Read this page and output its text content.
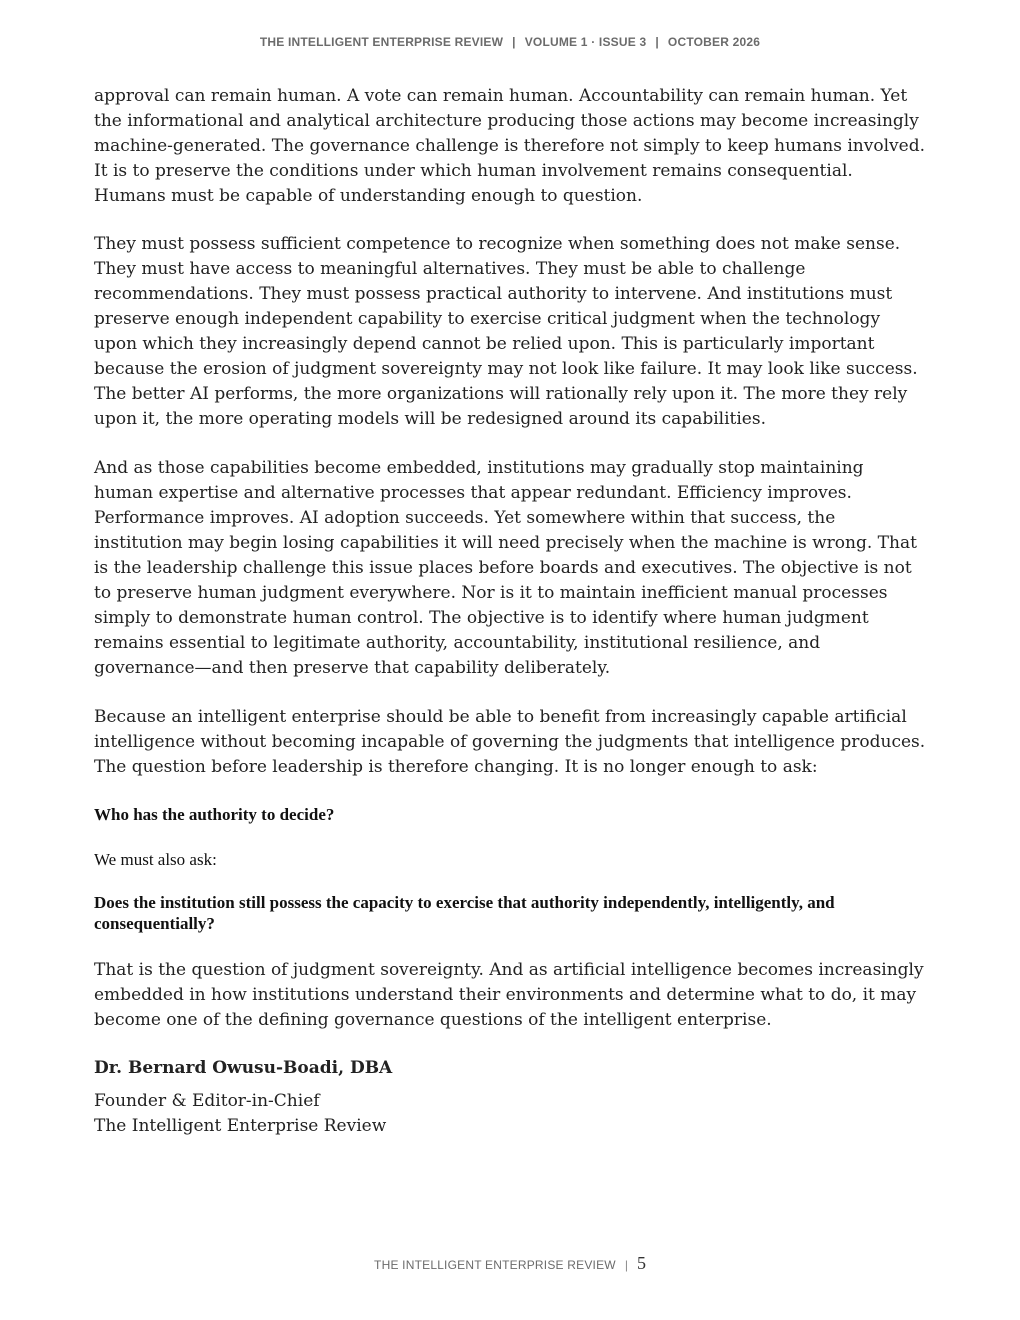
THE INTELLIGENT ENTERPRISE REVIEW | VOLUME 1 · ISSUE 3 | OCTOBER 2026

approval can remain human. A vote can remain human. Accountability can remain human. Yet the informational and analytical architecture producing those actions may become increasingly machine-generated. The governance challenge is therefore not simply to keep humans involved. It is to preserve the conditions under which human involvement remains consequential. Humans must be capable of understanding enough to question.

They must possess sufficient competence to recognize when something does not make sense. They must have access to meaningful alternatives. They must be able to challenge recommendations. They must possess practical authority to intervene. And institutions must preserve enough independent capability to exercise critical judgment when the technology upon which they increasingly depend cannot be relied upon. This is particularly important because the erosion of judgment sovereignty may not look like failure. It may look like success. The better AI performs, the more organizations will rationally rely upon it. The more they rely upon it, the more operating models will be redesigned around its capabilities.

And as those capabilities become embedded, institutions may gradually stop maintaining human expertise and alternative processes that appear redundant. Efficiency improves. Performance improves. AI adoption succeeds. Yet somewhere within that success, the institution may begin losing capabilities it will need precisely when the machine is wrong. That is the leadership challenge this issue places before boards and executives. The objective is not to preserve human judgment everywhere. Nor is it to maintain inefficient manual processes simply to demonstrate human control. The objective is to identify where human judgment remains essential to legitimate authority, accountability, institutional resilience, and governance—and then preserve that capability deliberately.

Because an intelligent enterprise should be able to benefit from increasingly capable artificial intelligence without becoming incapable of governing the judgments that intelligence produces. The question before leadership is therefore changing. It is no longer enough to ask:

Who has the authority to decide?

We must also ask:

Does the institution still possess the capacity to exercise that authority independently, intelligently, and consequentially?

That is the question of judgment sovereignty. And as artificial intelligence becomes increasingly embedded in how institutions understand their environments and determine what to do, it may become one of the defining governance questions of the intelligent enterprise.

Dr. Bernard Owusu-Boadi, DBA

Founder & Editor-in-Chief

The Intelligent Enterprise Review

THE INTELLIGENT ENTERPRISE REVIEW | 5
